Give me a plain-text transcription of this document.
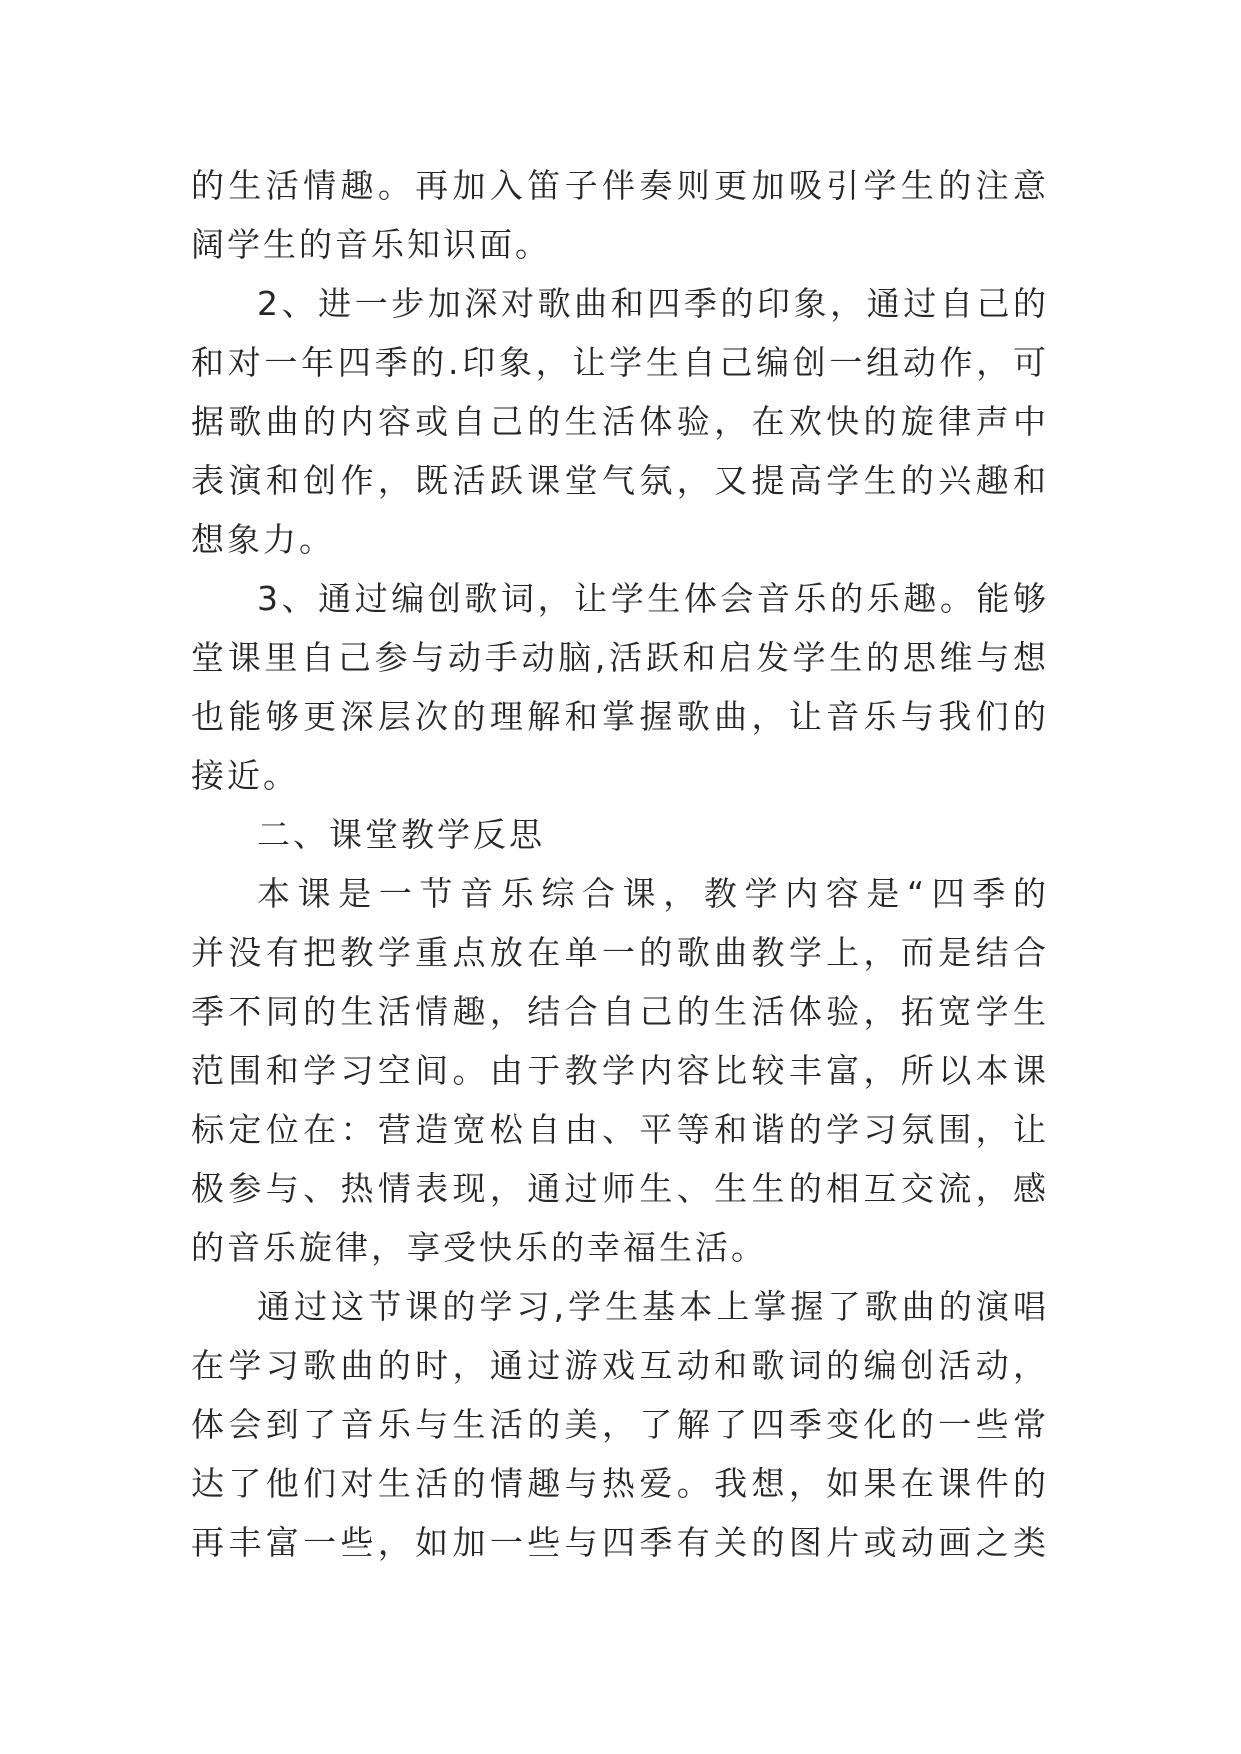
的生活情趣。再加入笛子伴奏则更加吸引学生的注意
阔学生的音乐知识面。
2、进一步加深对歌曲和四季的印象，通过自己的
和对一年四季的.印象，让学生自己编创一组动作，可
据歌曲的内容或自己的生活体验，在欢快的旋律声中
表演和创作，既活跃课堂气氛，又提高学生的兴趣和
想象力。
3、通过编创歌词，让学生体会音乐的乐趣。能够
堂课里自己参与动手动脑,活跃和启发学生的思维与想
也能够更深层次的理解和掌握歌曲，让音乐与我们的
接近。
二、课堂教学反思
本课是一节音乐综合课，教学内容是“四季的
并没有把教学重点放在单一的歌曲教学上，而是结合
季不同的生活情趣，结合自己的生活体验，拓宽学生
范围和学习空间。由于教学内容比较丰富，所以本课
标定位在：营造宽松自由、平等和谐的学习氛围，让
极参与、热情表现，通过师生、生生的相互交流，感
的音乐旋律，享受快乐的幸福生活。
通过这节课的学习,学生基本上掌握了歌曲的演唱
在学习歌曲的时，通过游戏互动和歌词的编创活动，
体会到了音乐与生活的美，了解了四季变化的一些常
达了他们对生活的情趣与热爱。我想，如果在课件的
再丰富一些，如加一些与四季有关的图片或动画之类
